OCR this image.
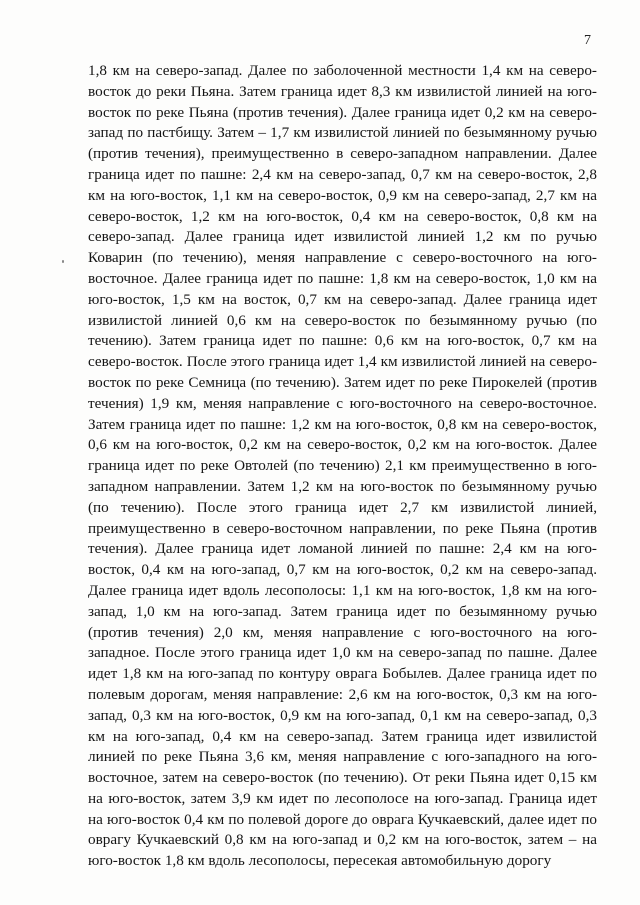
7
1,8 км на северо-запад. Далее по заболоченной местности 1,4 км на северо-
восток до реки Пьяна. Затем граница идет 8,3 км извилистой линией на юго-
восток по реке Пьяна (против течения). Далее граница идет 0,2 км на северо-
запад по пастбищу. Затем – 1,7 км извилистой линией по безымянному ручью
(против течения), преимущественно в северо-западном направлении. Далее
граница идет по пашне: 2,4 км на северо-запад, 0,7 км на северо-восток, 2,8
км на юго-восток, 1,1 км на северо-восток, 0,9 км на северо-запад, 2,7 км на
северо-восток, 1,2 км на юго-восток, 0,4 км на северо-восток, 0,8 км на
северо-запад. Далее граница идет извилистой линией 1,2 км по ручью
Коварин (по течению), меняя направление с северо-восточного на юго-
восточное. Далее граница идет по пашне: 1,8 км на северо-восток, 1,0 км на
юго-восток, 1,5 км на восток, 0,7 км на северо-запад. Далее граница идет
извилистой линией 0,6 км на северо-восток по безымянному ручью (по
течению). Затем граница идет по пашне: 0,6 км на юго-восток, 0,7 км на
северо-восток. После этого граница идет 1,4 км извилистой линией на северо-
восток по реке Семница (по течению). Затем идет по реке Пирокелей (против
течения) 1,9 км, меняя направление с юго-восточного на северо-восточное.
Затем граница идет по пашне: 1,2 км на юго-восток, 0,8 км на северо-восток,
0,6 км на юго-восток, 0,2 км на северо-восток, 0,2 км на юго-восток. Далее
граница идет по реке Овтолей (по течению) 2,1 км преимущественно в юго-
западном направлении. Затем 1,2 км на юго-восток по безымянному ручью
(по течению). После этого граница идет 2,7 км извилистой линией,
преимущественно в северо-восточном направлении, по реке Пьяна (против
течения). Далее граница идет ломаной линией по пашне: 2,4 км на юго-
восток, 0,4 км на юго-запад, 0,7 км на юго-восток, 0,2 км на северо-запад.
Далее граница идет вдоль лесополосы: 1,1 км на юго-восток, 1,8 км на юго-
запад, 1,0 км на юго-запад. Затем граница идет по безымянному ручью
(против течения) 2,0 км, меняя направление с юго-восточного на юго-
западное. После этого граница идет 1,0 км на северо-запад по пашне. Далее
идет 1,8 км на юго-запад по контуру оврага Бобылев. Далее граница идет по
полевым дорогам, меняя направление: 2,6 км на юго-восток, 0,3 км на юго-
запад, 0,3 км на юго-восток, 0,9 км на юго-запад, 0,1 км на северо-запад, 0,3
км на юго-запад, 0,4 км на северо-запад. Затем граница идет извилистой
линией по реке Пьяна 3,6 км, меняя направление с юго-западного на юго-
восточное, затем на северо-восток (по течению). От реки Пьяна идет 0,15 км
на юго-восток, затем 3,9 км идет по лесополосе на юго-запад. Граница идет
на юго-восток 0,4 км по полевой дороге до оврага Кучкаевский, далее идет по
оврагу Кучкаевский 0,8 км на юго-запад и 0,2 км на юго-восток, затем – на
юго-восток 1,8 км вдоль лесополосы, пересекая автомобильную дорогу
